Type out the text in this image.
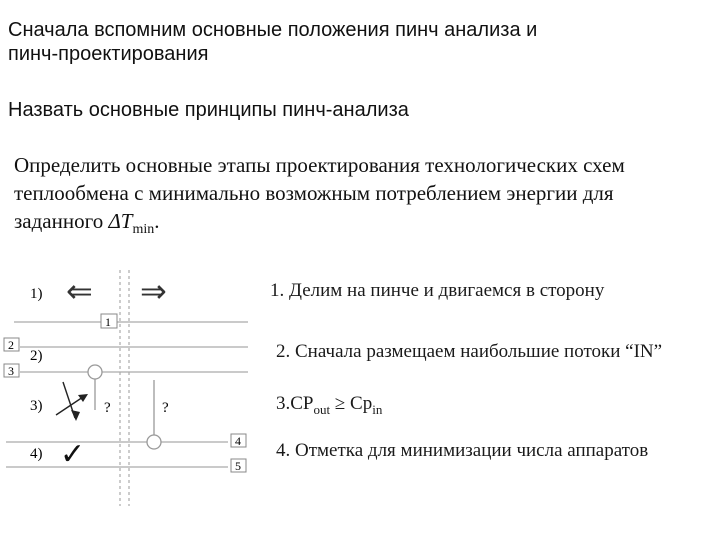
Сначала вспомним основные положения пинч анализа и
пинч-проектирования
Назвать основные принципы пинч-анализа
Определить основные этапы проектирования технологических схем
теплообмена с минимально возможным потреблением энергии для
заданного $\Delta T_{min}$.
1)
2)
3)
4)
⇐ ⇒
1
2
3
4
5
?	?
✓
1. Делим на пинче и двигаемся в сторону
2. Сначала размещаем наибольшие потоки “IN”
$3.CP_{out} \ge Cp_{in}$
4. Отметка для минимизации числа аппаратов
